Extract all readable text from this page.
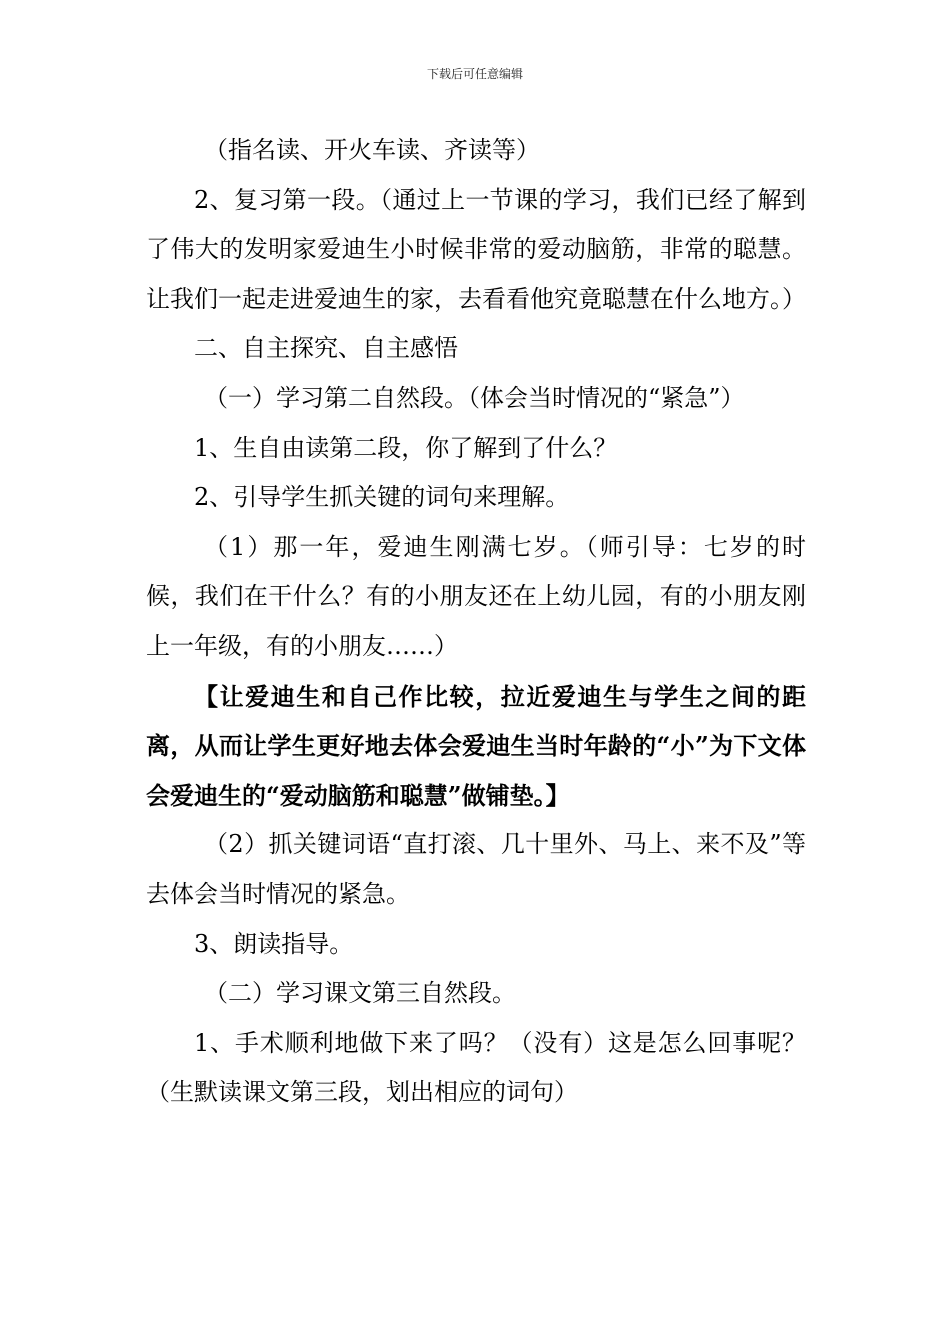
下载后可任意编辑

（指名读、开火车读、齐读等）

2、复习第一段。（通过上一节课的学习，我们已经了解到了伟大的发明家爱迪生小时候非常的爱动脑筋，非常的聪慧。让我们一起走进爱迪生的家，去看看他究竟聪慧在什么地方。）

二、自主探究、自主感悟

（一）学习第二自然段。（体会当时情况的“紧急”）

1、生自由读第二段，你了解到了什么？

2、引导学生抓关键的词句来理解。

（1）那一年，爱迪生刚满七岁。（师引导：七岁的时候，我们在干什么？有的小朋友还在上幼儿园，有的小朋友刚上一年级，有的小朋友……）

【让爱迪生和自己作比较，拉近爱迪生与学生之间的距离，从而让学生更好地去体会爱迪生当时年龄的“小”为下文体会爱迪生的“爱动脑筋和聪慧”做铺垫。】

（2）抓关键词语“直打滚、几十里外、马上、来不及”等去体会当时情况的紧急。

3、朗读指导。

（二）学习课文第三自然段。

1、手术顺利地做下来了吗？（没有）这是怎么回事呢？（生默读课文第三段，划出相应的词句）
